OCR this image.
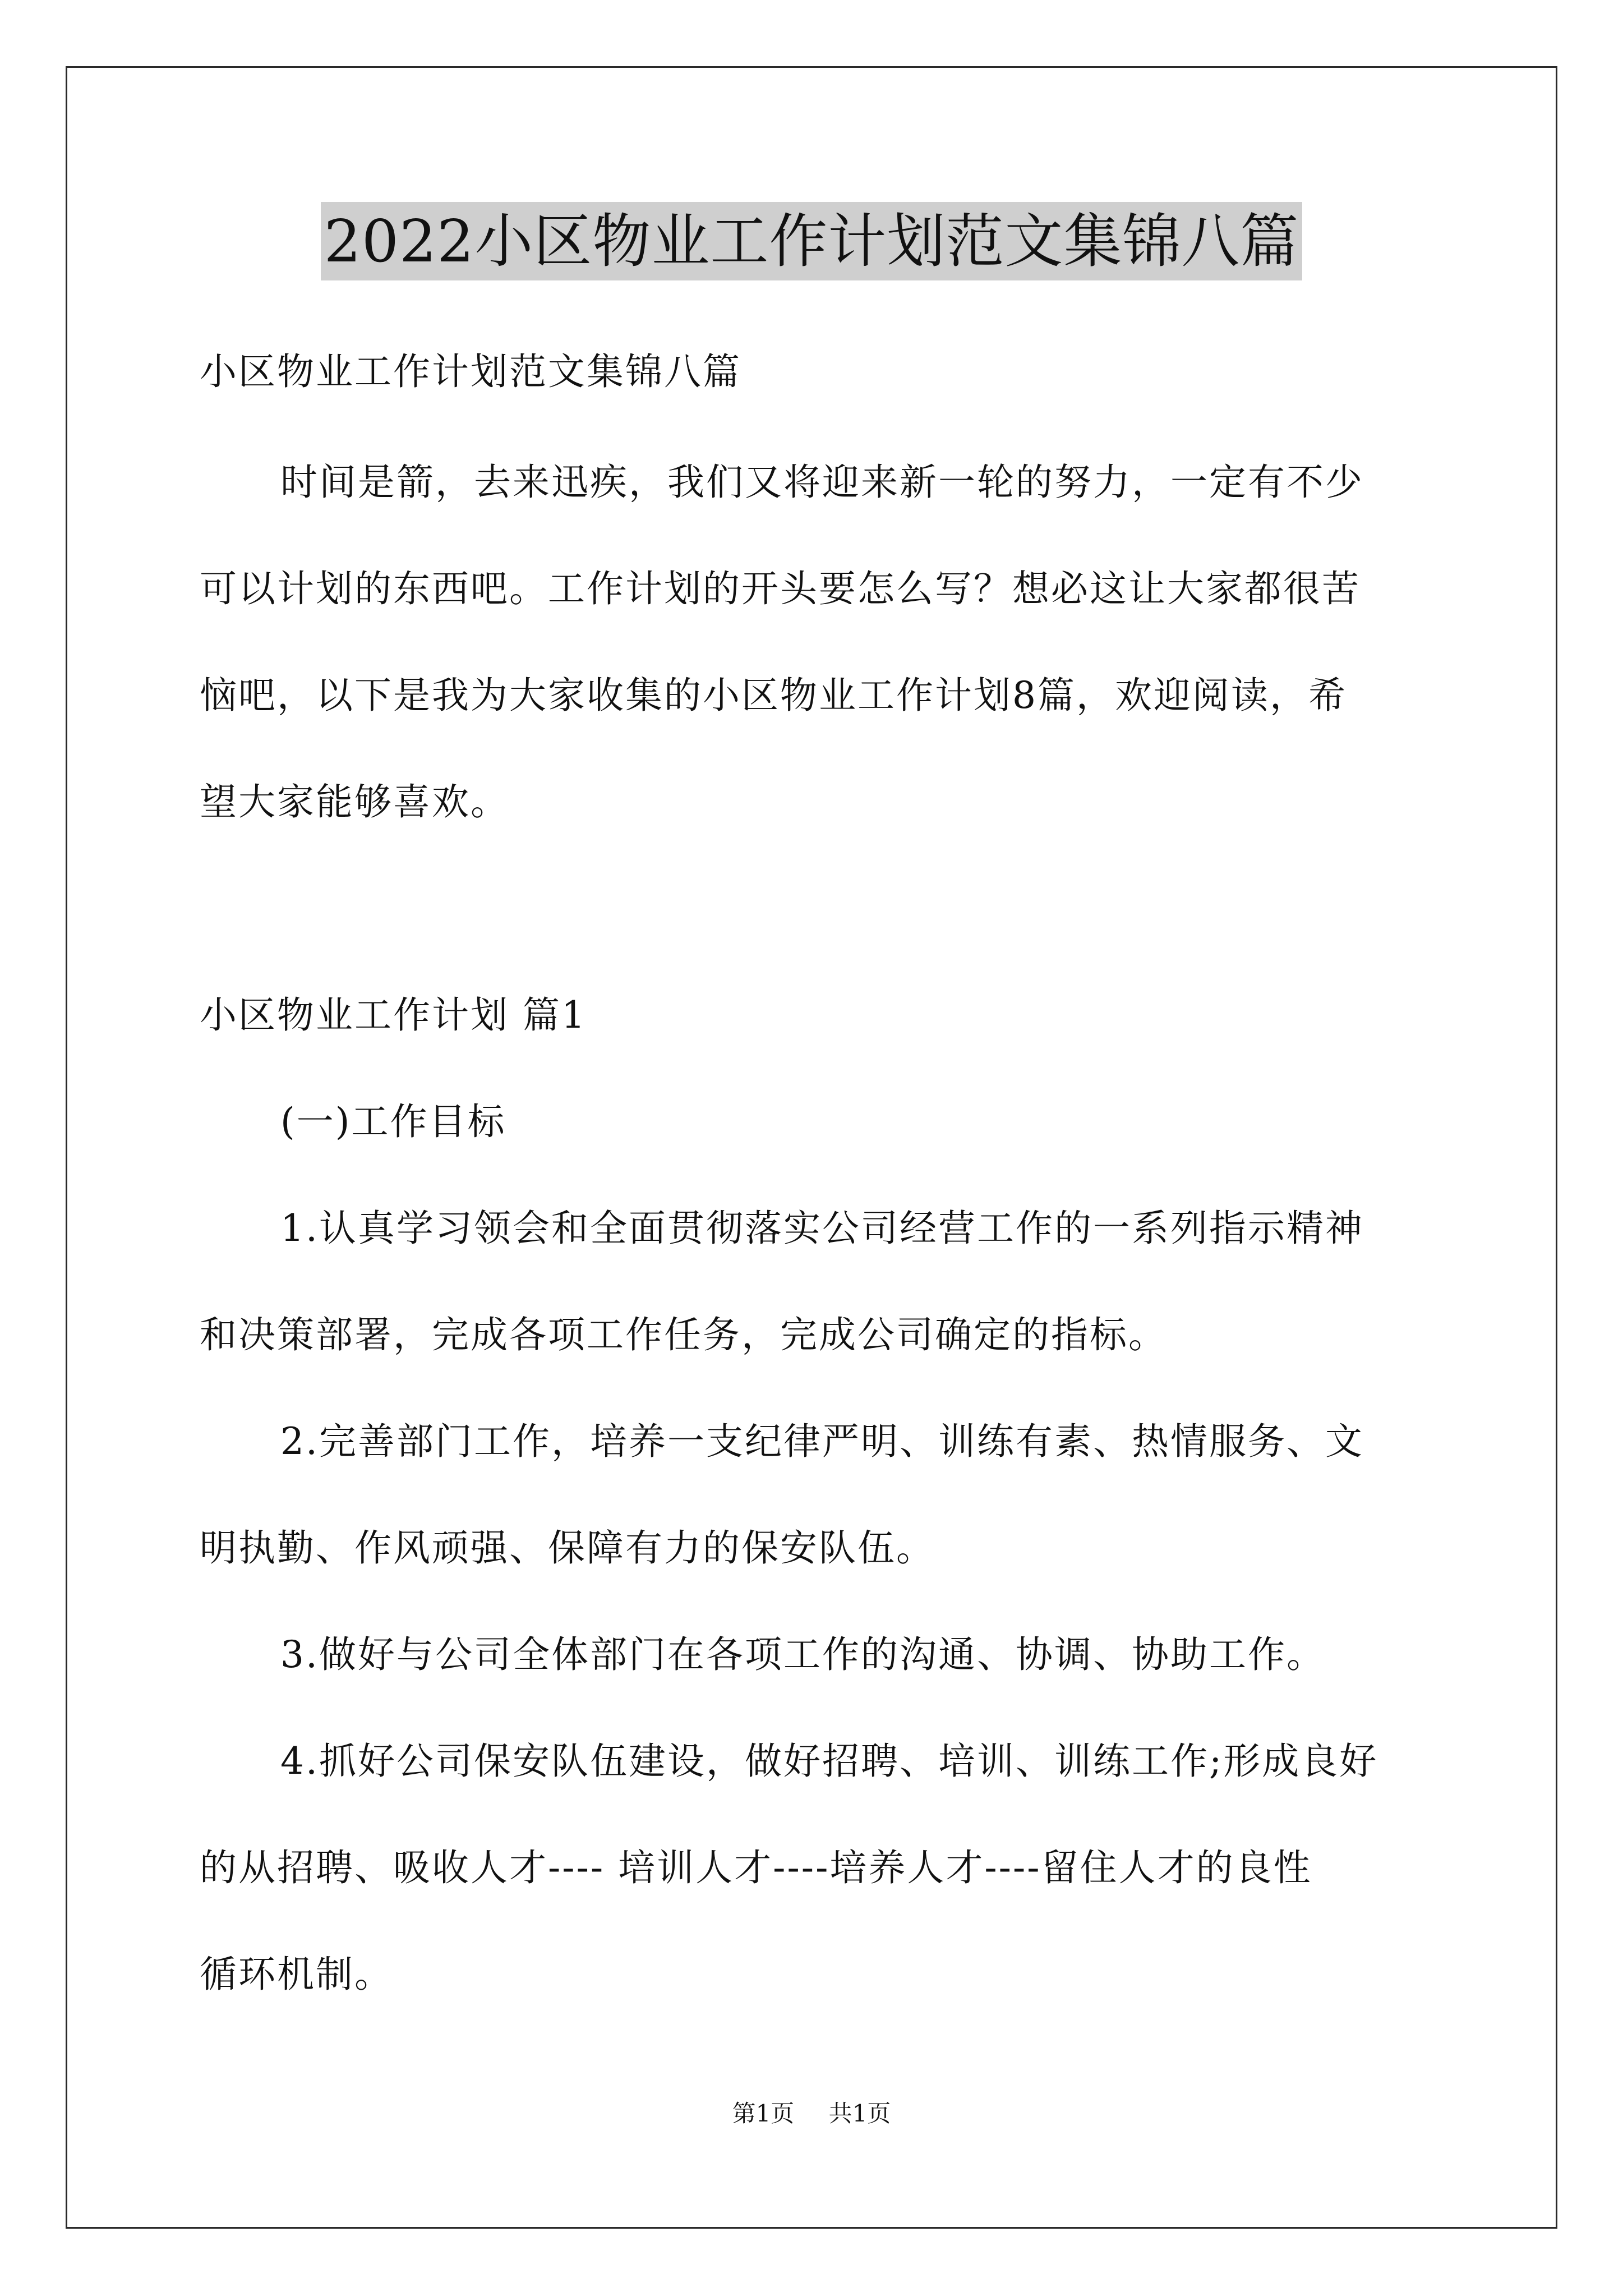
2022小区物业工作计划范文集锦八篇
小区物业工作计划范文集锦八篇
时间是箭，去来迅疾，我们又将迎来新一轮的努力，一定有不少
可以计划的东西吧。工作计划的开头要怎么写？想必这让大家都很苦
恼吧，以下是我为大家收集的小区物业工作计划8篇，欢迎阅读，希
望大家能够喜欢。
小区物业工作计划 篇1
(一)工作目标
1.认真学习领会和全面贯彻落实公司经营工作的一系列指示精神
和决策部署，完成各项工作任务，完成公司确定的指标。
2.完善部门工作，培养一支纪律严明、训练有素、热情服务、文
明执勤、作风顽强、保障有力的保安队伍。
3.做好与公司全体部门在各项工作的沟通、协调、协助工作。
4.抓好公司保安队伍建设，做好招聘、培训、训练工作;形成良好
的从招聘、吸收人才---- 培训人才----培养人才----留住人才的良性
循环机制。
第1页 共1页
